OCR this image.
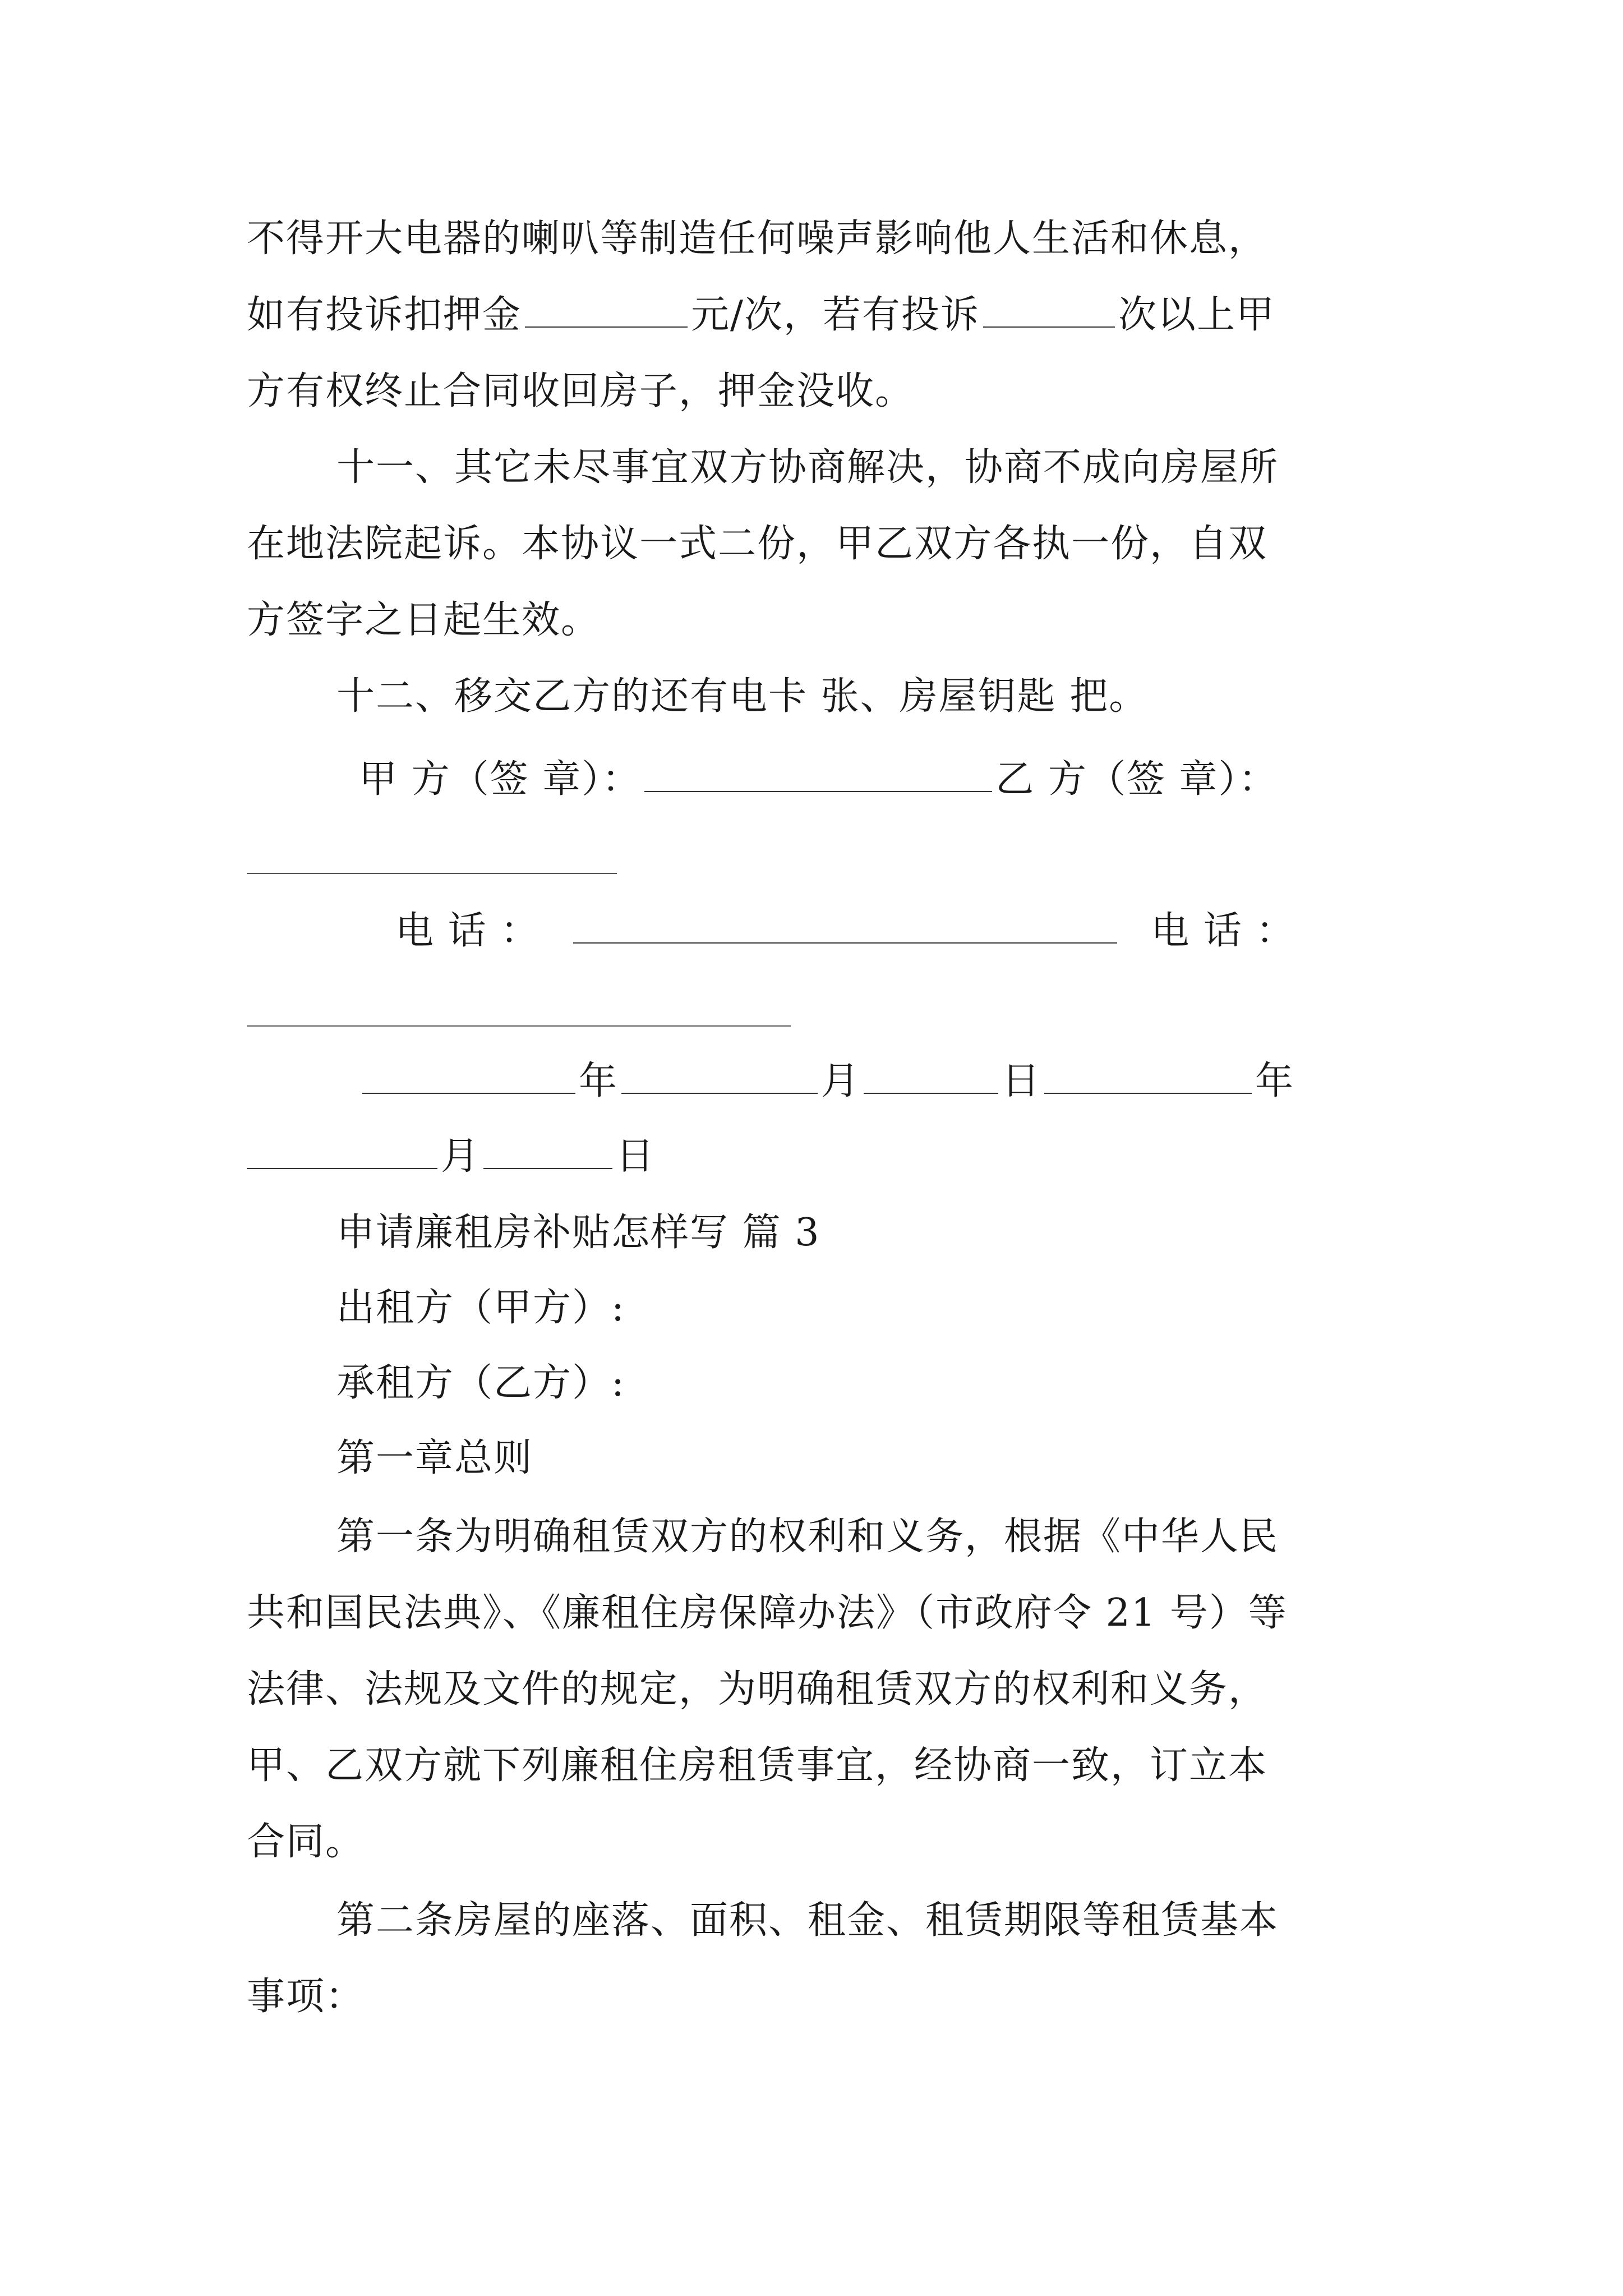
不得开大电器的喇叭等制造任何噪声影响他人生活和休息，
如有投诉扣押金	元/次，若有投诉	次以上甲
方有权终止合同收回房子，押金没收。
十一、其它未尽事宜双方协商解决，协商不成向房屋所
在地法院起诉。本协议一式二份，甲乙双方各执一份，自双
方签字之日起生效。
十二、移交乙方的还有电卡 张、房屋钥匙 把。
甲 方（签 章）：	乙 方（签 章）：
电 话 ：	电 话 ：
年	月	日	年
月	日
申请廉租房补贴怎样写 篇 3
出租方（甲方）:
承租方（乙方）:
第一章总则
第一条为明确租赁双方的权利和义务，根据《中华人民
共和国民法典》、《廉租住房保障办法》（市政府令 21 号）等
法律、法规及文件的规定，为明确租赁双方的权利和义务，
甲、乙双方就下列廉租住房租赁事宜，经协商一致，订立本
合同。
第二条房屋的座落、面积、租金、租赁期限等租赁基本
事项：
